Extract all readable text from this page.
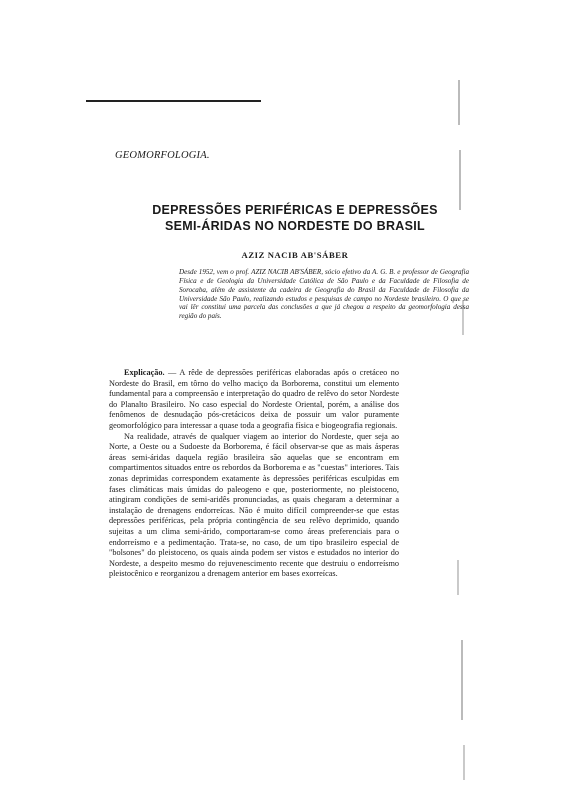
GEOMORFOLOGIA.
DEPRESSÕES PERIFÉRICAS E DEPRESSÕES
SEMI-ÁRIDAS NO NORDESTE DO BRASIL
AZIZ NACIB AB'SÁBER
Desde 1952, vem o prof. AZIZ NACIB AB'SÁBER, sócio efetivo da A. G. B. e professor de Geografia Física e de Geologia da Universidade Católica de São Paulo e da Faculdade de Filosofia de Sorocaba, além de assistente da cadeira de Geografia do Brasil da Faculdade de Filosofia da Universidade São Paulo, realizando estudos e pesquisas de campo no Nordeste brasileiro. O que se vai lêr constitui uma parcela das conclusões a que já chegou a respeito da geomorfologia dessa região do país.

Explicação. — A rêde de depressões periféricas elaboradas após o cretáceo no Nordeste do Brasil, em tôrno do velho maciço da Borborema, constitui um elemento fundamental para a compreensão e interpretação do quadro de relêvo do setor Nordeste do Planalto Brasileiro. No caso especial do Nordeste Oriental, porém, a análise dos fenômenos de desnudação pós-cretácicos deixa de possuir um valor puramente geomorfológico para interessar a quase toda a geografia física e biogeografia regionais.

Na realidade, através de qualquer viagem ao interior do Nordeste, quer seja ao Norte, a Oeste ou a Sudoeste da Borborema, é fácil observar-se que as mais ásperas áreas semi-áridas daquela região brasileira são aquelas que se encontram em compartimentos situados entre os rebordos da Borborema e as "cuestas" interiores. Tais zonas deprimidas correspondem exatamente às depressões periféricas esculpidas em fases climáticas mais úmidas do paleogeno e que, posteriormente, no pleistoceno, atingiram condições de semi-aridês pronunciadas, as quais chegaram a determinar a instalação de drenagens endorreícas. Não é muito difícil compreender-se que estas depressões periféricas, pela própria contingência de seu relêvo deprimido, quando sujeitas a um clima semi-árido, comportaram-se como áreas preferenciais para o endorreísmo e a pedimentação. Trata-se, no caso, de um tipo brasileiro especial de "bolsones" do pleistoceno, os quais ainda podem ser vistos e estudados no interior do Nordeste, a despeito mesmo do rejuvenescimento recente que destruiu o endorreísmo pleistocênico e reorganizou a drenagem anterior em bases exorreícas.
